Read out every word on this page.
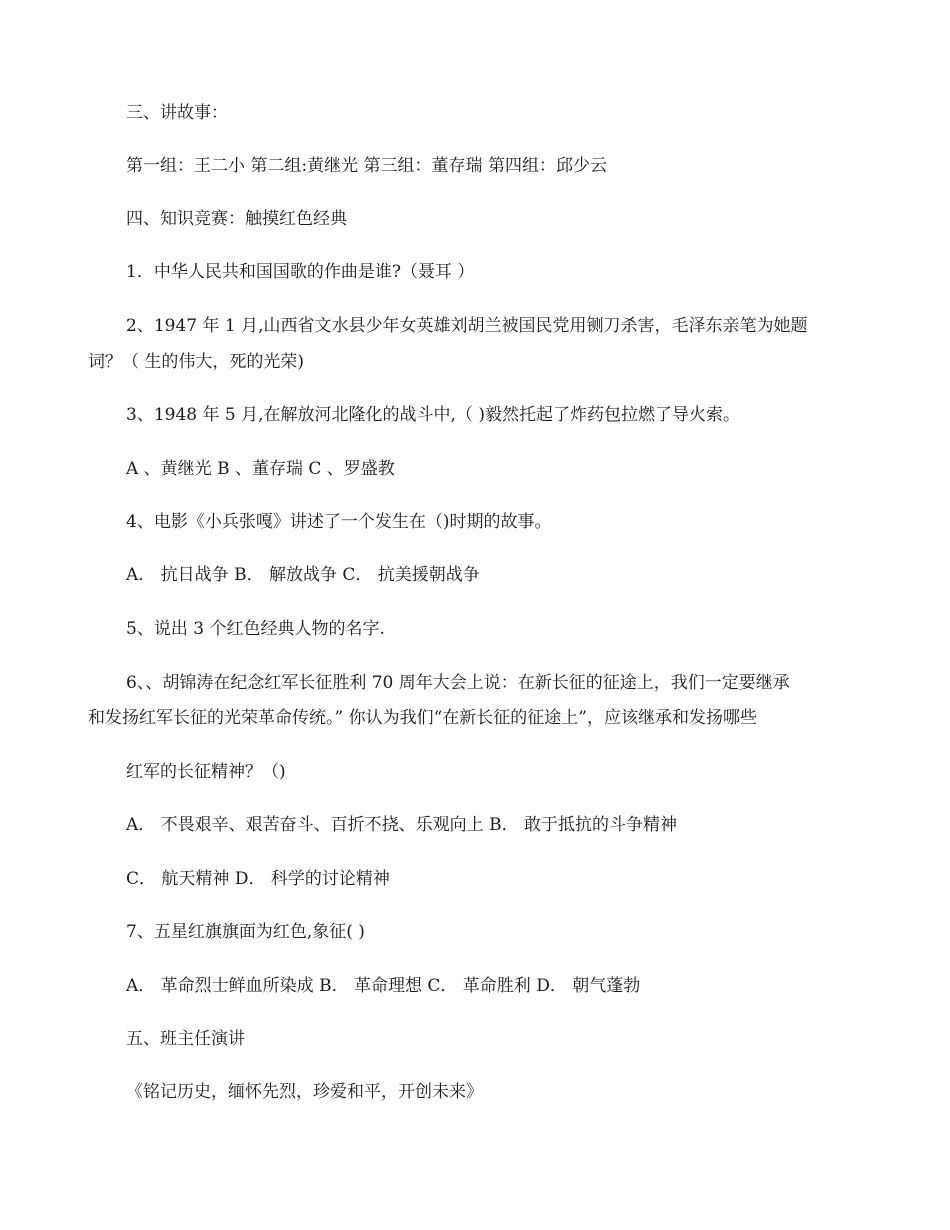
三、讲故事：
第一组：王二小 第二组:黄继光 第三组：董存瑞 第四组：邱少云
四、知识竞赛：触摸红色经典
1．中华人民共和国国歌的作曲是谁?（聂耳 ）
2、1947 年 1 月,山西省文水县少年女英雄刘胡兰被国民党用铡刀杀害，毛泽东亲笔为她题
词？（ 生的伟大，死的光荣)
3、1948 年 5 月,在解放河北隆化的战斗中,（ )毅然托起了炸药包拉燃了导火索。
A 、黄继光 B 、董存瑞 C 、罗盛教
4、电影《小兵张嘎》讲述了一个发生在（)时期的故事。
A． 抗日战争 B． 解放战争 C． 抗美援朝战争
5、说出 3 个红色经典人物的名字.
6、、胡锦涛在纪念红军长征胜利 70 周年大会上说：在新长征的征途上，我们一定要继承
和发扬红军长征的光荣革命传统。” 你认为我们“在新长征的征途上”，应该继承和发扬哪些
红军的长征精神？（)
A． 不畏艰辛、艰苦奋斗、百折不挠、乐观向上 B． 敢于抵抗的斗争精神
C． 航天精神 D． 科学的讨论精神
7、五星红旗旗面为红色,象征( )
A． 革命烈士鲜血所染成 B． 革命理想 C． 革命胜利 D． 朝气蓬勃
五、班主任演讲
《铭记历史，缅怀先烈，珍爱和平，开创未来》
